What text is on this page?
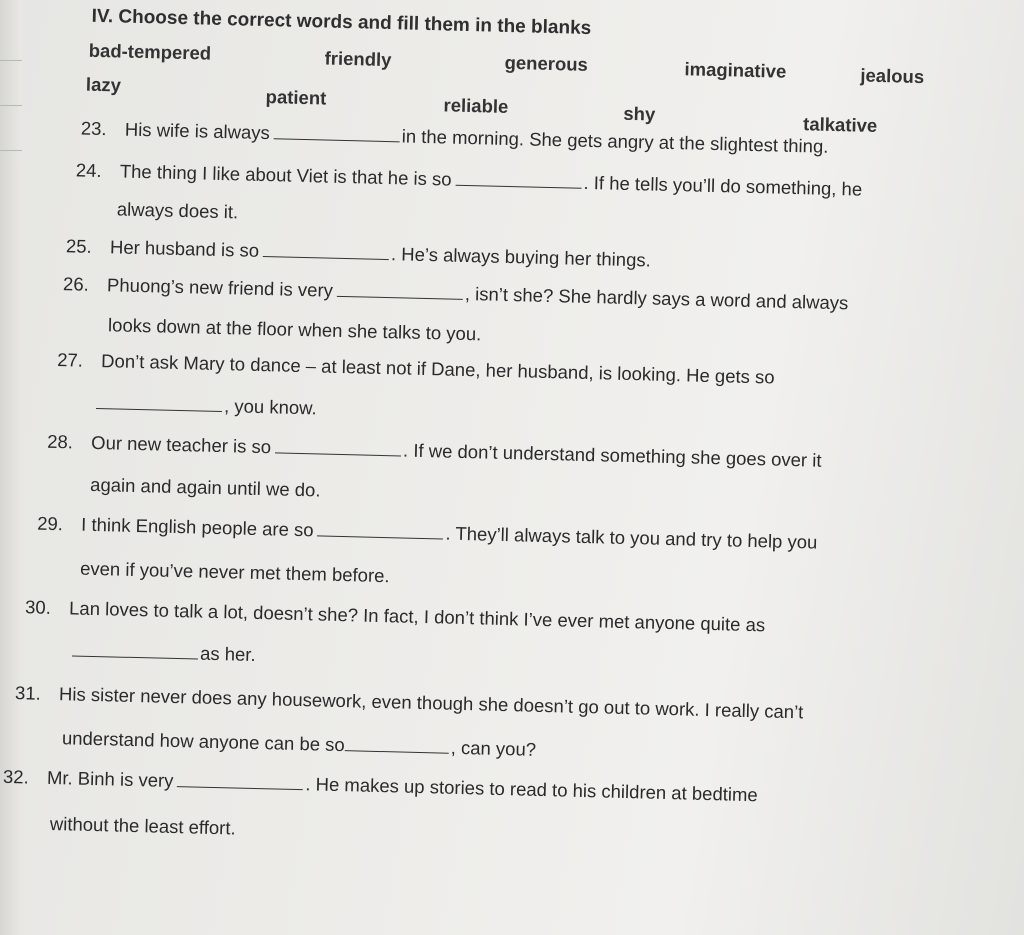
IV. Choose the correct words and fill them in the blanks
bad-tempered	friendly	generous	imaginative	jealous
lazy
patient	reliable	shy	talkative
23. His wife is always	in the morning. She gets angry at the slightest thing.
24. The thing I like about Viet is that he is so	. If he tells you’ll do something, he
always does it.
25. Her husband is so	. He’s always buying her things.
26. Phuong’s new friend is very	, isn’t she? She hardly says a word and always
looks down at the floor when she talks to you.
27. Don’t ask Mary to dance – at least not if Dane, her husband, is looking. He gets so
, you know.
28. Our new teacher is so	. If we don’t understand something she goes over it
again and again until we do.
29. I think English people are so	. They’ll always talk to you and try to help you
even if you’ve never met them before.
30. Lan loves to talk a lot, doesn’t she? In fact, I don’t think I’ve ever met anyone quite as
as her.
31. His sister never does any housework, even though she doesn’t go out to work. I really can’t
understand how anyone can be so	, can you?
32. Mr. Binh is very	. He makes up stories to read to his children at bedtime
without the least effort.
